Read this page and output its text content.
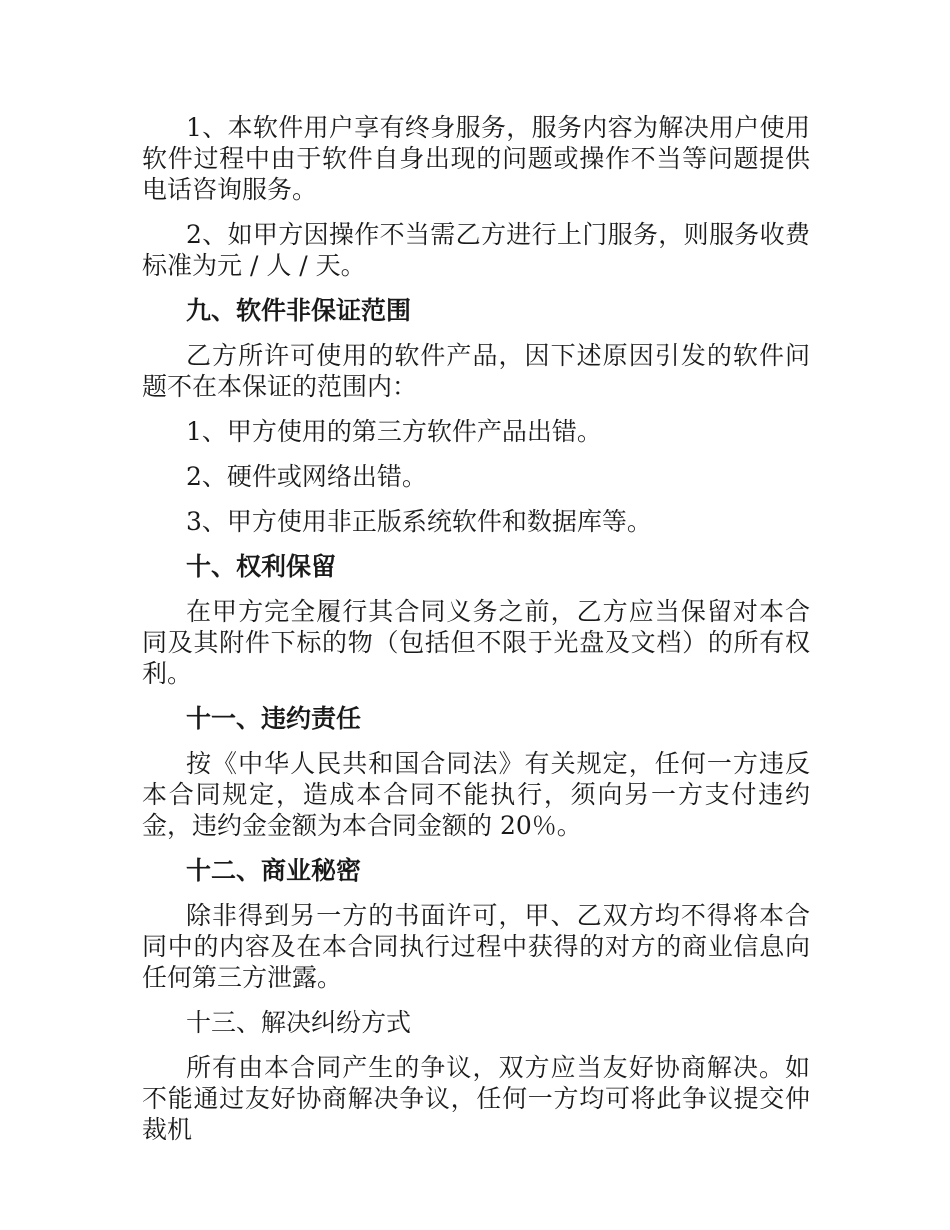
1、本软件用户享有终身服务，服务内容为解决用户使用软件过程中由于软件自身出现的问题或操作不当等问题提供电话咨询服务。

2、如甲方因操作不当需乙方进行上门服务，则服务收费标准为元 / 人 / 天。

九、软件非保证范围

乙方所许可使用的软件产品，因下述原因引发的软件问题不在本保证的范围内：

1、甲方使用的第三方软件产品出错。

2、硬件或网络出错。

3、甲方使用非正版系统软件和数据库等。

十、权利保留

在甲方完全履行其合同义务之前，乙方应当保留对本合同及其附件下标的物（包括但不限于光盘及文档）的所有权利。

十一、违约责任

按《中华人民共和国合同法》有关规定，任何一方违反本合同规定，造成本合同不能执行，须向另一方支付违约金，违约金金额为本合同金额的 20％。

十二、商业秘密

除非得到另一方的书面许可，甲、乙双方均不得将本合同中的内容及在本合同执行过程中获得的对方的商业信息向任何第三方泄露。

十三、解决纠纷方式

所有由本合同产生的争议，双方应当友好协商解决。如不能通过友好协商解决争议，任何一方均可将此争议提交仲裁机
